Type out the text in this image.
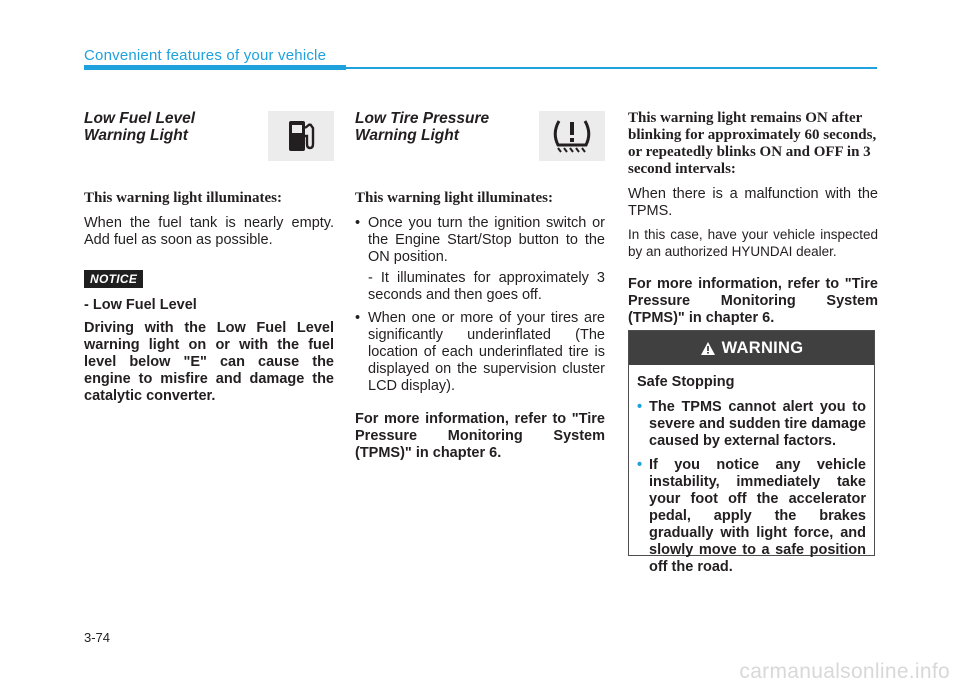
Convenient features of your vehicle

Low Fuel Level
Warning Light

This warning light illuminates:
When the fuel tank is nearly empty. Add fuel as soon as possible.
NOTICE
- Low Fuel Level
Driving with the Low Fuel Level warning light on or with the fuel level below "E" can cause the engine to misfire and damage the catalytic converter.

Low Tire Pressure
Warning Light

This warning light illuminates:
• Once you turn the ignition switch or the Engine Start/Stop button to the ON position.
- It illuminates for approximately 3 seconds and then goes off.
• When one or more of your tires are significantly underinflated (The location of each underinflated tire is displayed on the supervision cluster LCD display).
For more information, refer to "Tire Pressure Monitoring System (TPMS)" in chapter 6.
This warning light remains ON after blinking for approximately 60 seconds, or repeatedly blinks ON and OFF in 3 second intervals:
When there is a malfunction with the TPMS.
In this case, have your vehicle inspected by an authorized HYUNDAI dealer.
For more information, refer to "Tire Pressure Monitoring System (TPMS)" in chapter 6.
WARNING
Safe Stopping
• The TPMS cannot alert you to severe and sudden tire damage caused by external factors.
• If you notice any vehicle instability, immediately take your foot off the accelerator pedal, apply the brakes gradually with light force, and slowly move to a safe position off the road.
3-74
carmanualsonline.info
